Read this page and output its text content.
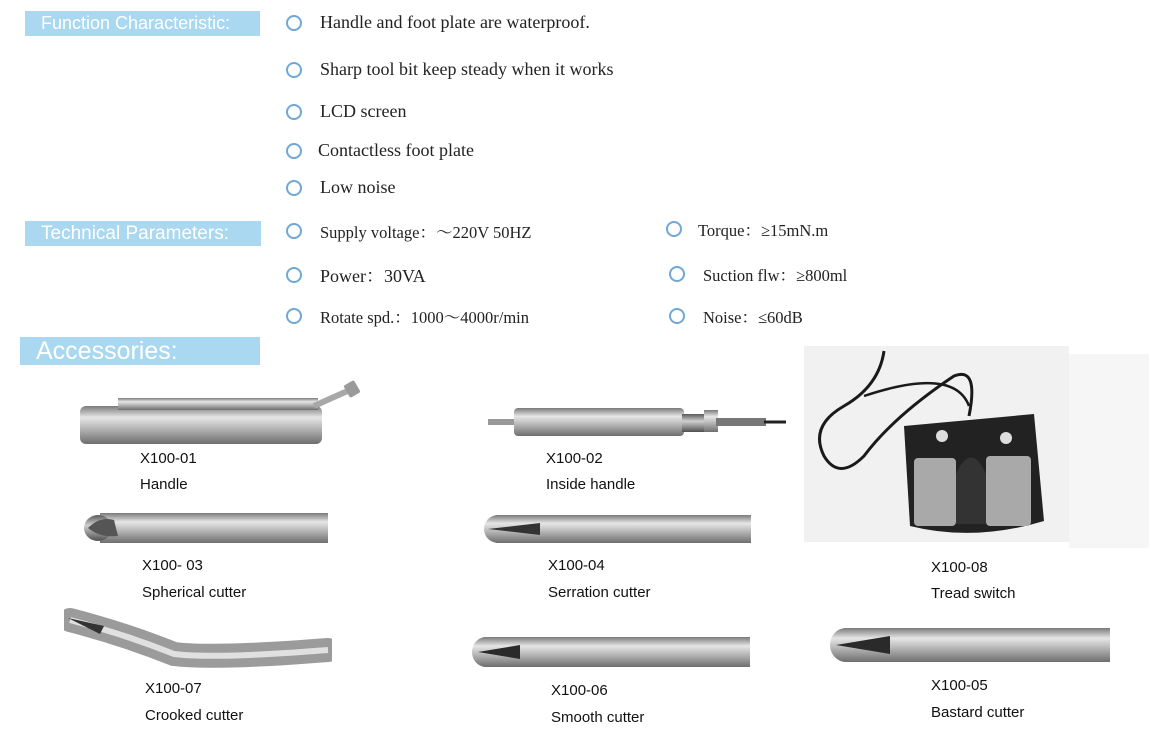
Function Characteristic:
Technical Parameters:
Accessories:
Handle and foot plate are waterproof.
Sharp tool bit keep steady when it works
LCD screen
Contactless foot plate
Low noise
Supply voltage：～220V 50HZ
Power：30VA
Rotate spd.：1000～4000r/min
Torque：≥15mN.m
Suction flw：≥800ml
Noise：≤60dB
X100-01
Handle
X100-02
Inside handle
X100- 03
Spherical cutter
X100-04
Serration cutter
X100-08
Tread switch
X100-07
Crooked cutter
X100-06
Smooth cutter
X100-05
Bastard cutter
